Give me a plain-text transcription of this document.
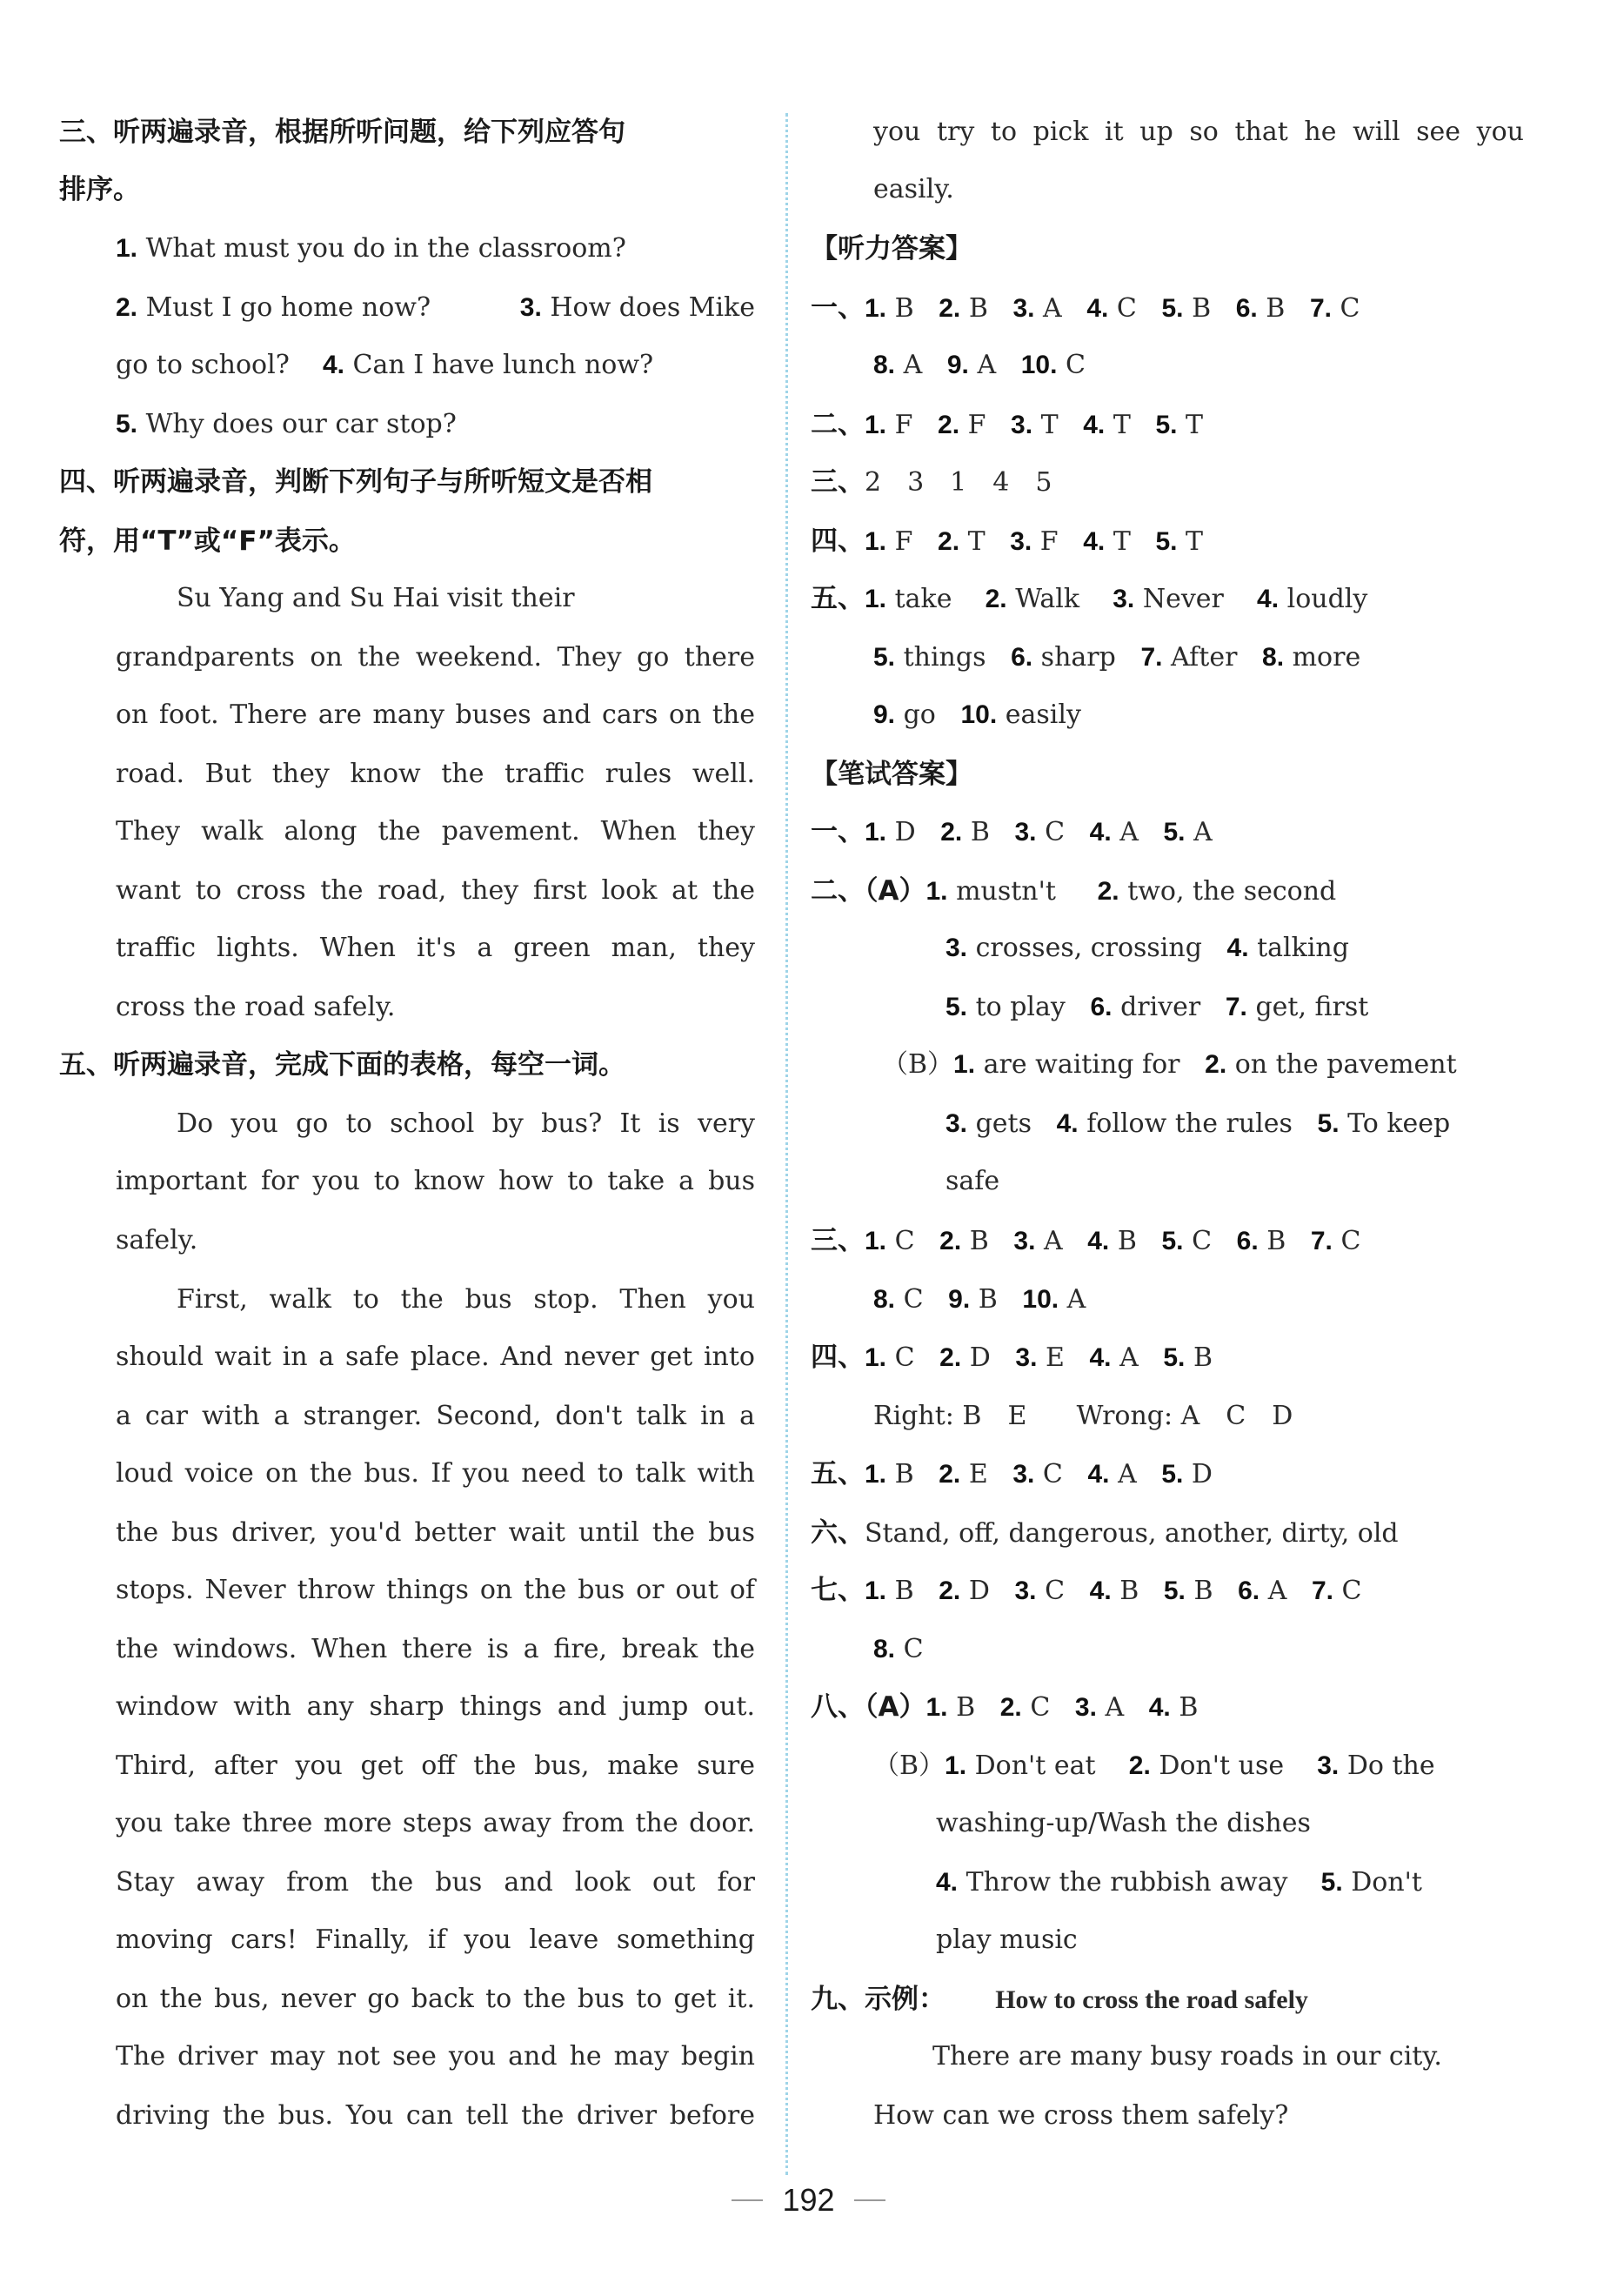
三、听两遍录音，根据所听问题，给下列应答句
排序。
1. What must you do in the classroom?
2. Must I go home now?	3. How does Mike
go to school? 4. Can I have lunch now?
5. Why does our car stop?
四、听两遍录音，判断下列句子与所听短文是否相
符，用“T”或“F”表示。
Su Yang and Su Hai visit their
grandparents on the weekend. They go there
on foot. There are many buses and cars on the
road. But they know the traffic rules well.
They walk along the pavement. When they
want to cross the road, they first look at the
traffic lights. When it's a green man, they
cross the road safely.
五、听两遍录音，完成下面的表格，每空一词。
Do you go to school by bus? It is very
important for you to know how to take a bus
safely.
First, walk to the bus stop. Then you
should wait in a safe place. And never get into
a car with a stranger. Second, don't talk in a
loud voice on the bus. If you need to talk with
the bus driver, you'd better wait until the bus
stops. Never throw things on the bus or out of
the windows. When there is a fire, break the
window with any sharp things and jump out.
Third, after you get off the bus, make sure
you take three more steps away from the door.
Stay away from the bus and look out for
moving cars! Finally, if you leave something
on the bus, never go back to the bus to get it.
The driver may not see you and he may begin
driving the bus. You can tell the driver before
you try to pick it up so that he will see you
easily.
【听力答案】
一、1. B 2. B 3. A 4. C 5. B 6. B 7. C
8. A 9. A 10. C
二、1. F 2. F 3. T 4. T 5. T
三、2　3　1　4　5
四、1. F 2. T 3. F 4. T 5. T
五、1. take 2. Walk 3. Never 4. loudly
5. things 6. sharp 7. After 8. more
9. go 10. easily
【笔试答案】
一、1. D 2. B 3. C 4. A 5. A
二、（A）1. mustn't 2. two, the second
3. crosses, crossing 4. talking
5. to play 6. driver 7. get, first
（B）1. are waiting for 2. on the pavement
3. gets 4. follow the rules 5. To keep
safe
三、1. C 2. B 3. A 4. B 5. C 6. B 7. C
8. C 9. B 10. A
四、1. C 2. D 3. E 4. A 5. B
Right: B　E Wrong: A　C　D
五、1. B 2. E 3. C 4. A 5. D
六、Stand, off, dangerous, another, dirty, old
七、1. B 2. D 3. C 4. B 5. B 6. A 7. C
8. C
八、（A）1. B 2. C 3. A 4. B
（B）1. Don't eat 2. Don't use 3. Do the
washing-up/Wash the dishes
4. Throw the rubbish away 5. Don't
play music
九、示例： How to cross the road safely
There are many busy roads in our city.
How can we cross them safely?
192
